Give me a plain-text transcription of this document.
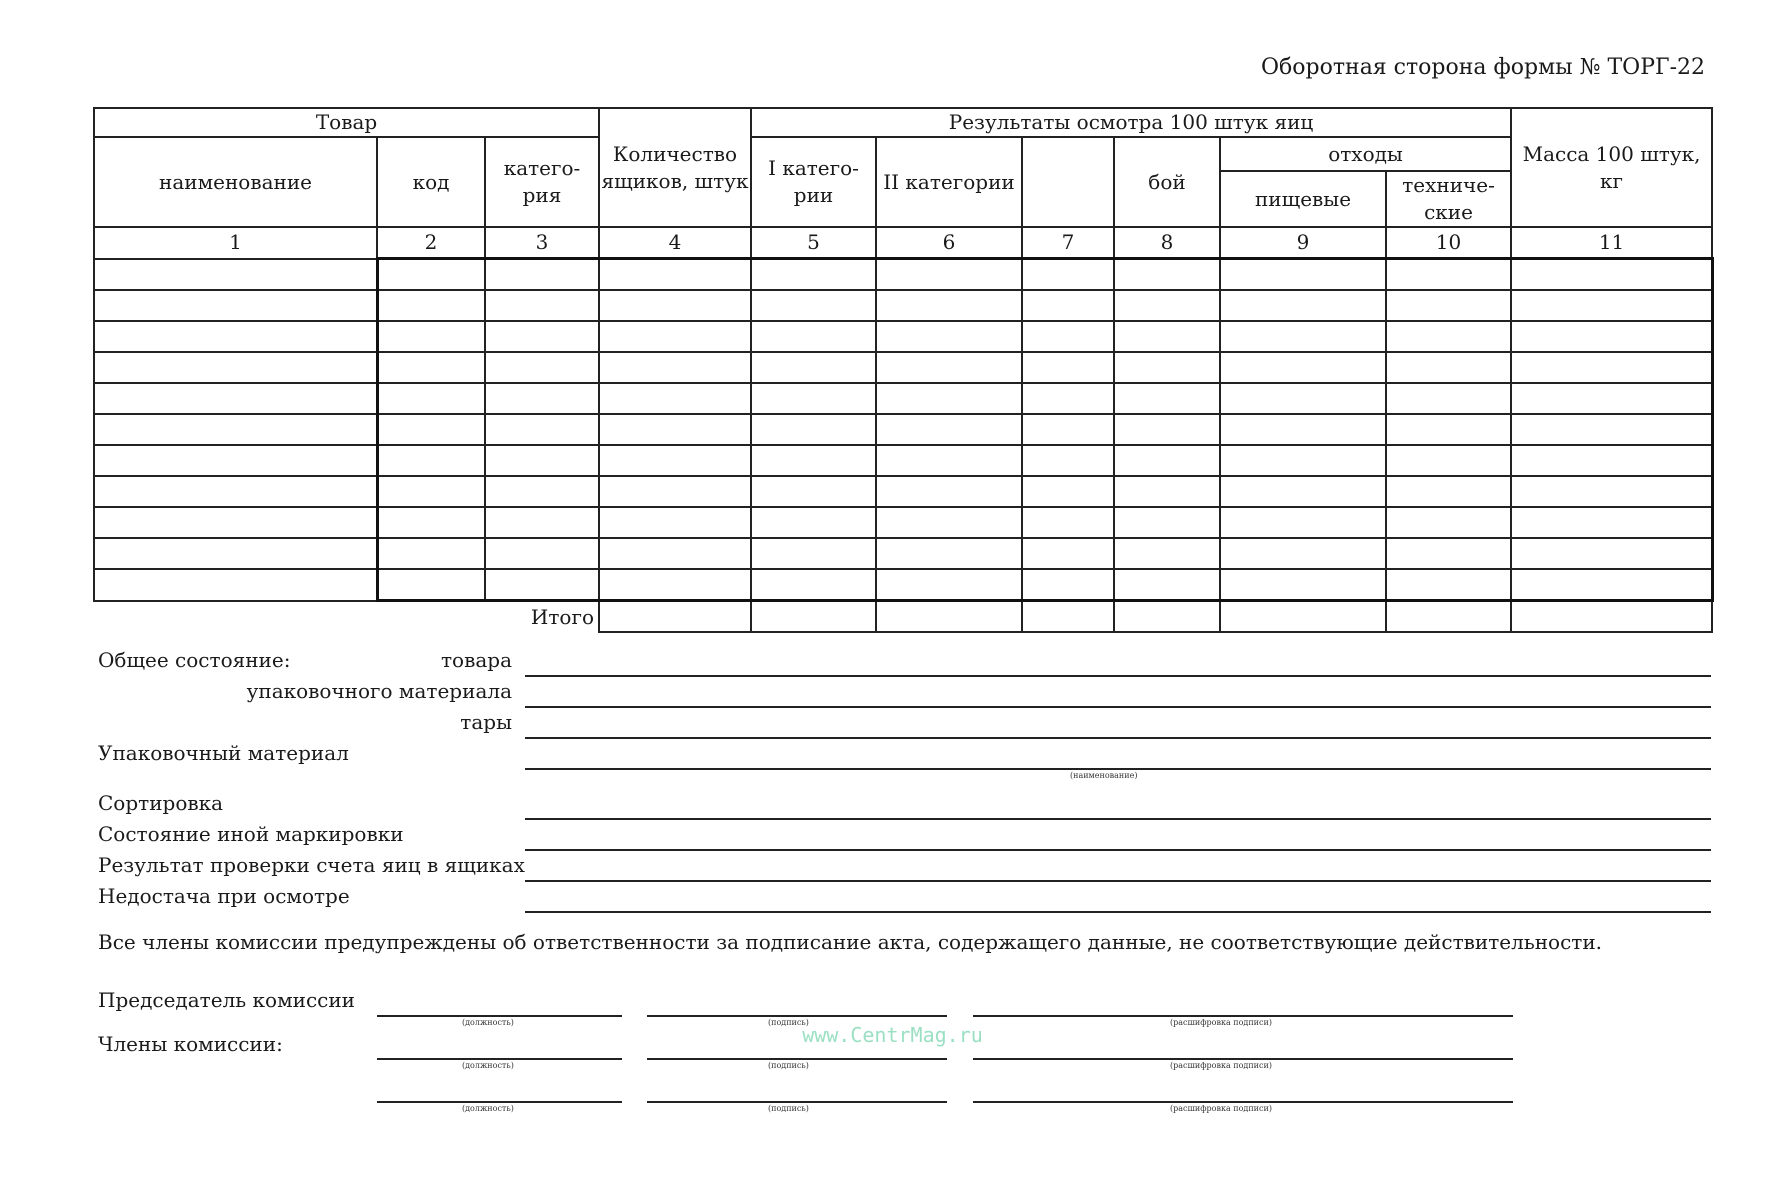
Оборотная сторона формы № ТОРГ-22
Товар			Количество ящиков, штук	Результаты осмотра 100 штук яиц						Масса 100 штук, кг
наименование	код	катего-рия		I катего-рии	II категории		бой	отходы		
								пищевые	техниче-ские	
1	2	3	4	5	6	7	8	9	10	11

Итого										
Общее состояние:	товара
упаковочного материала
тары
Упаковочный материал
(наименование)
Сортировка
Состояние иной маркировки
Результат проверки счета яиц в ящиках
Недостача при осмотре
Все члены комиссии предупреждены об ответственности за подписание акта, содержащего данные, не соответствующие действительности.
Председатель комиссии
Члены комиссии:
(должность)	(подпись)	(расшифровка подписи)
(должность)	(подпись)	(расшифровка подписи)
(должность)	(подпись)	(расшифровка подписи)
www.CentrMag.ru
